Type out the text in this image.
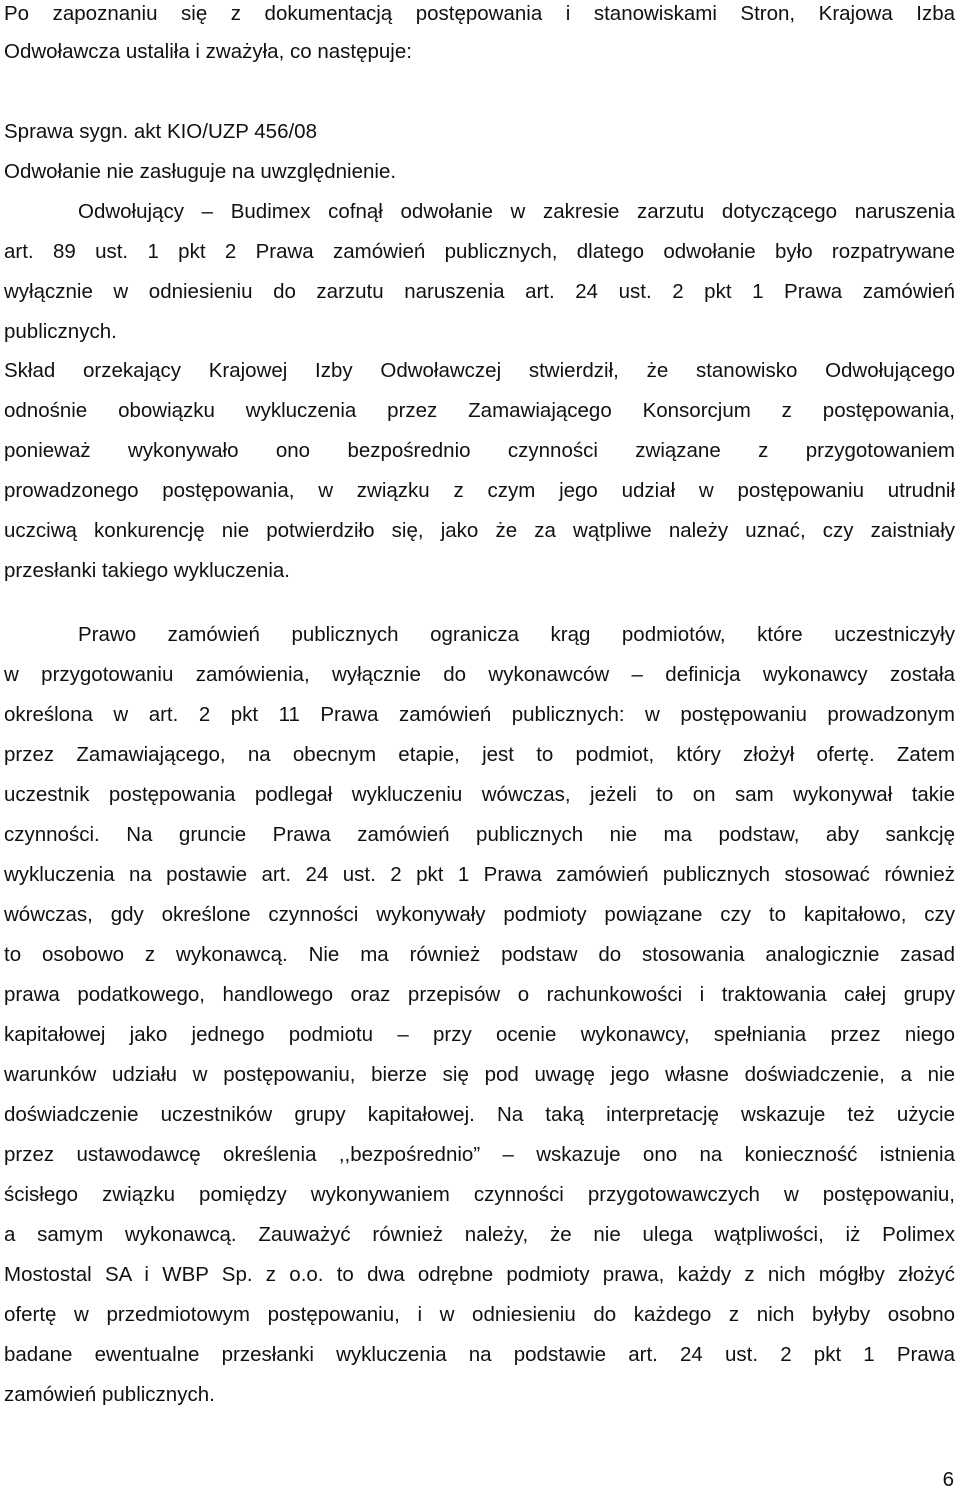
Po zapoznaniu się z dokumentacją postępowania i stanowiskami Stron, Krajowa Izba

Odwoławcza ustaliła i zważyła, co następuje:

Sprawa sygn. akt KIO/UZP 456/08

Odwołanie nie zasługuje na uwzględnienie.

Odwołujący – Budimex cofnął odwołanie w zakresie zarzutu dotyczącego naruszenia

art. 89 ust. 1 pkt 2 Prawa zamówień publicznych, dlatego odwołanie było rozpatrywane

wyłącznie w odniesieniu do zarzutu naruszenia art. 24 ust. 2 pkt 1 Prawa zamówień

publicznych.

Skład orzekający Krajowej Izby Odwoławczej stwierdził, że stanowisko Odwołującego

odnośnie obowiązku wykluczenia przez Zamawiającego Konsorcjum z postępowania,

ponieważ wykonywało ono bezpośrednio czynności związane z przygotowaniem

prowadzonego postępowania, w związku z czym jego udział w postępowaniu utrudnił

uczciwą konkurencję nie potwierdziło się, jako że za wątpliwe należy uznać, czy zaistniały

przesłanki takiego wykluczenia.

Prawo zamówień publicznych ogranicza krąg podmiotów, które uczestniczyły

w przygotowaniu zamówienia, wyłącznie do wykonawców – definicja wykonawcy została

określona w art. 2 pkt 11 Prawa zamówień publicznych: w postępowaniu prowadzonym

przez Zamawiającego, na obecnym etapie, jest to podmiot, który złożył ofertę. Zatem

uczestnik postępowania podlegał wykluczeniu wówczas, jeżeli to on sam wykonywał takie

czynności. Na gruncie Prawa zamówień publicznych nie ma podstaw, aby sankcję

wykluczenia na postawie art. 24 ust. 2 pkt 1 Prawa zamówień publicznych stosować również

wówczas, gdy określone czynności wykonywały podmioty powiązane czy to kapitałowo, czy

to osobowo z wykonawcą. Nie ma również podstaw do stosowania analogicznie zasad

prawa podatkowego, handlowego oraz przepisów o rachunkowości i traktowania całej grupy

kapitałowej jako jednego podmiotu – przy ocenie wykonawcy, spełniania przez niego

warunków udziału w postępowaniu, bierze się pod uwagę jego własne doświadczenie, a nie

doświadczenie uczestników grupy kapitałowej. Na taką interpretację wskazuje też użycie

przez ustawodawcę określenia ,,bezpośrednio” – wskazuje ono na konieczność istnienia

ścisłego związku pomiędzy wykonywaniem czynności przygotowawczych w postępowaniu,

a samym wykonawcą. Zauważyć również należy, że nie ulega wątpliwości, iż Polimex

Mostostal SA i WBP Sp. z o.o. to dwa odrębne podmioty prawa, każdy z nich mógłby złożyć

ofertę w przedmiotowym postępowaniu, i w odniesieniu do każdego z nich byłyby osobno

badane ewentualne przesłanki wykluczenia na podstawie art. 24 ust. 2 pkt 1 Prawa

zamówień publicznych.

6
